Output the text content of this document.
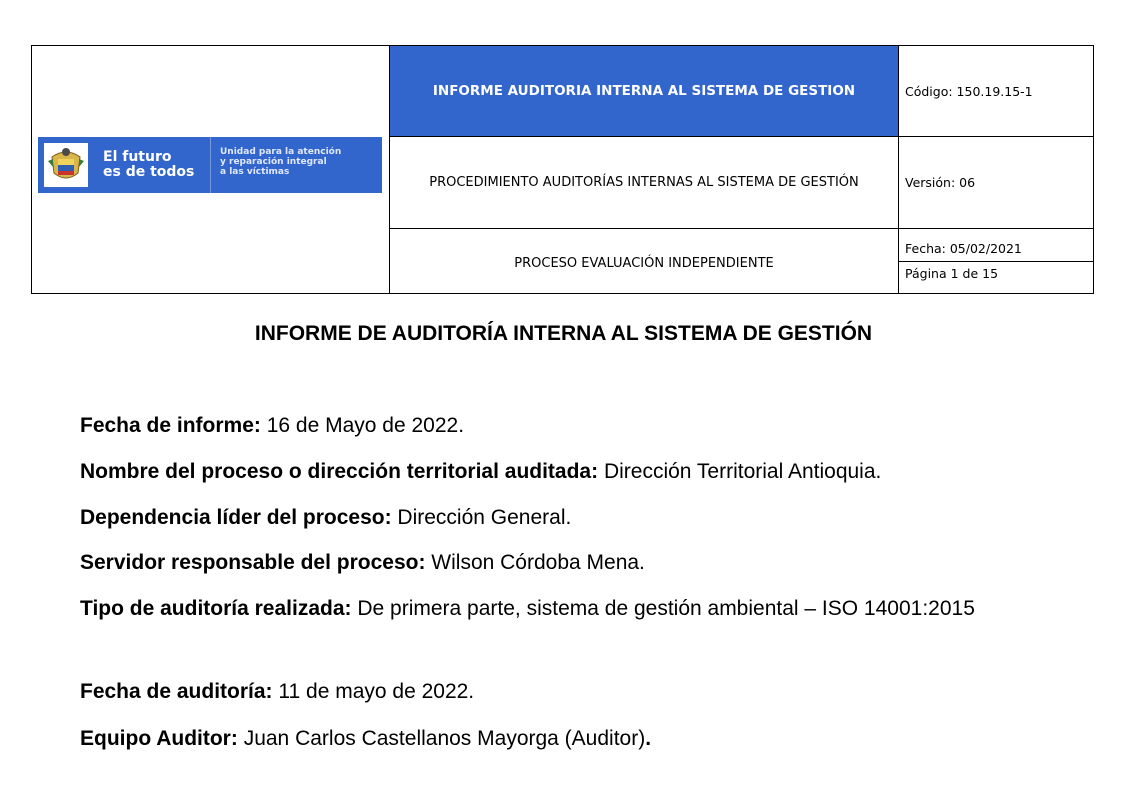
El futuro
es de todos
Unidad para la atención
y reparación integral
a las víctimas	INFORME AUDITORIA INTERNA AL SISTEMA DE GESTION	Código: 150.19.15-1
	PROCEDIMIENTO AUDITORÍAS INTERNAS AL SISTEMA DE GESTIÓN	Versión: 06

	PROCESO EVALUACIÓN INDEPENDIENTE	Fecha: 05/02/2021
Página 1 de 15
INFORME DE AUDITORÍA INTERNA AL SISTEMA DE GESTIÓN
Fecha de informe: 16 de Mayo de 2022.
Nombre del proceso o dirección territorial auditada: Dirección Territorial Antioquia.
Dependencia líder del proceso: Dirección General.
Servidor responsable del proceso: Wilson Córdoba Mena.
Tipo de auditoría realizada: De primera parte, sistema de gestión ambiental – ISO 14001:2015
Fecha de auditoría: 11 de mayo de 2022.
Equipo Auditor: Juan Carlos Castellanos Mayorga (Auditor).
